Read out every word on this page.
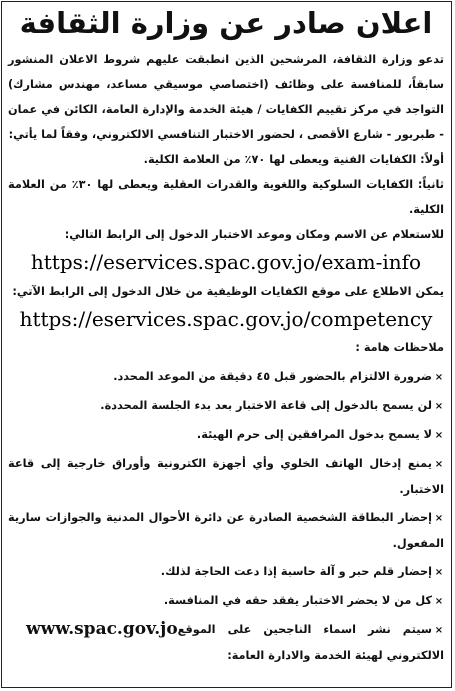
اعلان صادر عن وزارة الثقافة

تدعو وزارة الثقافة، المرشحين الذين انطبقت عليهم شروط الاعلان المنشور سابقاً، للمنافسة على وظائف (اختصاصي موسيقي مساعد، مهندس مشارك) التواجد في مركز تقييم الكفايات / هيئة الخدمة والإدارة العامة، الكائن في عمان - طبربور - شارع الأقصى ، لحضور الاختبار التنافسي الالكتروني، وفقاً لما يأتي:

أولاً: الكفايات الفنية ويعطى لها ٧٠٪ من العلامة الكلية.

ثانياً: الكفايات السلوكية واللغوية والقدرات العقلية ويعطى لها ٣٠٪ من العلامة الكلية.

للاستعلام عن الاسم ومكان وموعد الاختبار الدخول إلى الرابط التالي:

https://eservices.spac.gov.jo/exam-info

يمكن الاطلاع على موقع الكفايات الوظيفية من خلال الدخول إلى الرابط الآتي:

https://eservices.spac.gov.jo/competency
ملاحظات هامة :
×ضرورة الالتزام بالحضور قبل ٤٥ دقيقة من الموعد المحدد.
×لن يسمح بالدخول إلى قاعة الاختبار بعد بدء الجلسة المحددة.
×لا يسمح بدخول المرافقين إلى حرم الهيئة.
×يمنع إدخال الهاتف الخلوي وأي أجهزة الكترونية وأوراق خارجية إلى قاعة الاختبار.
×إحضار البطاقة الشخصية الصادرة عن دائرة الأحوال المدنية والجوازات سارية المفعول.
×إحضار قلم حبر و آلة حاسبة إذا دعت الحاجة لذلك.
×كل من لا يحضر الاختبار يفقد حقه في المنافسة.
www.spac.gov.jo	×سيتم نشر اسماء الناجحين على الموقع الالكتروني لهيئة الخدمة والادارة العامة:
